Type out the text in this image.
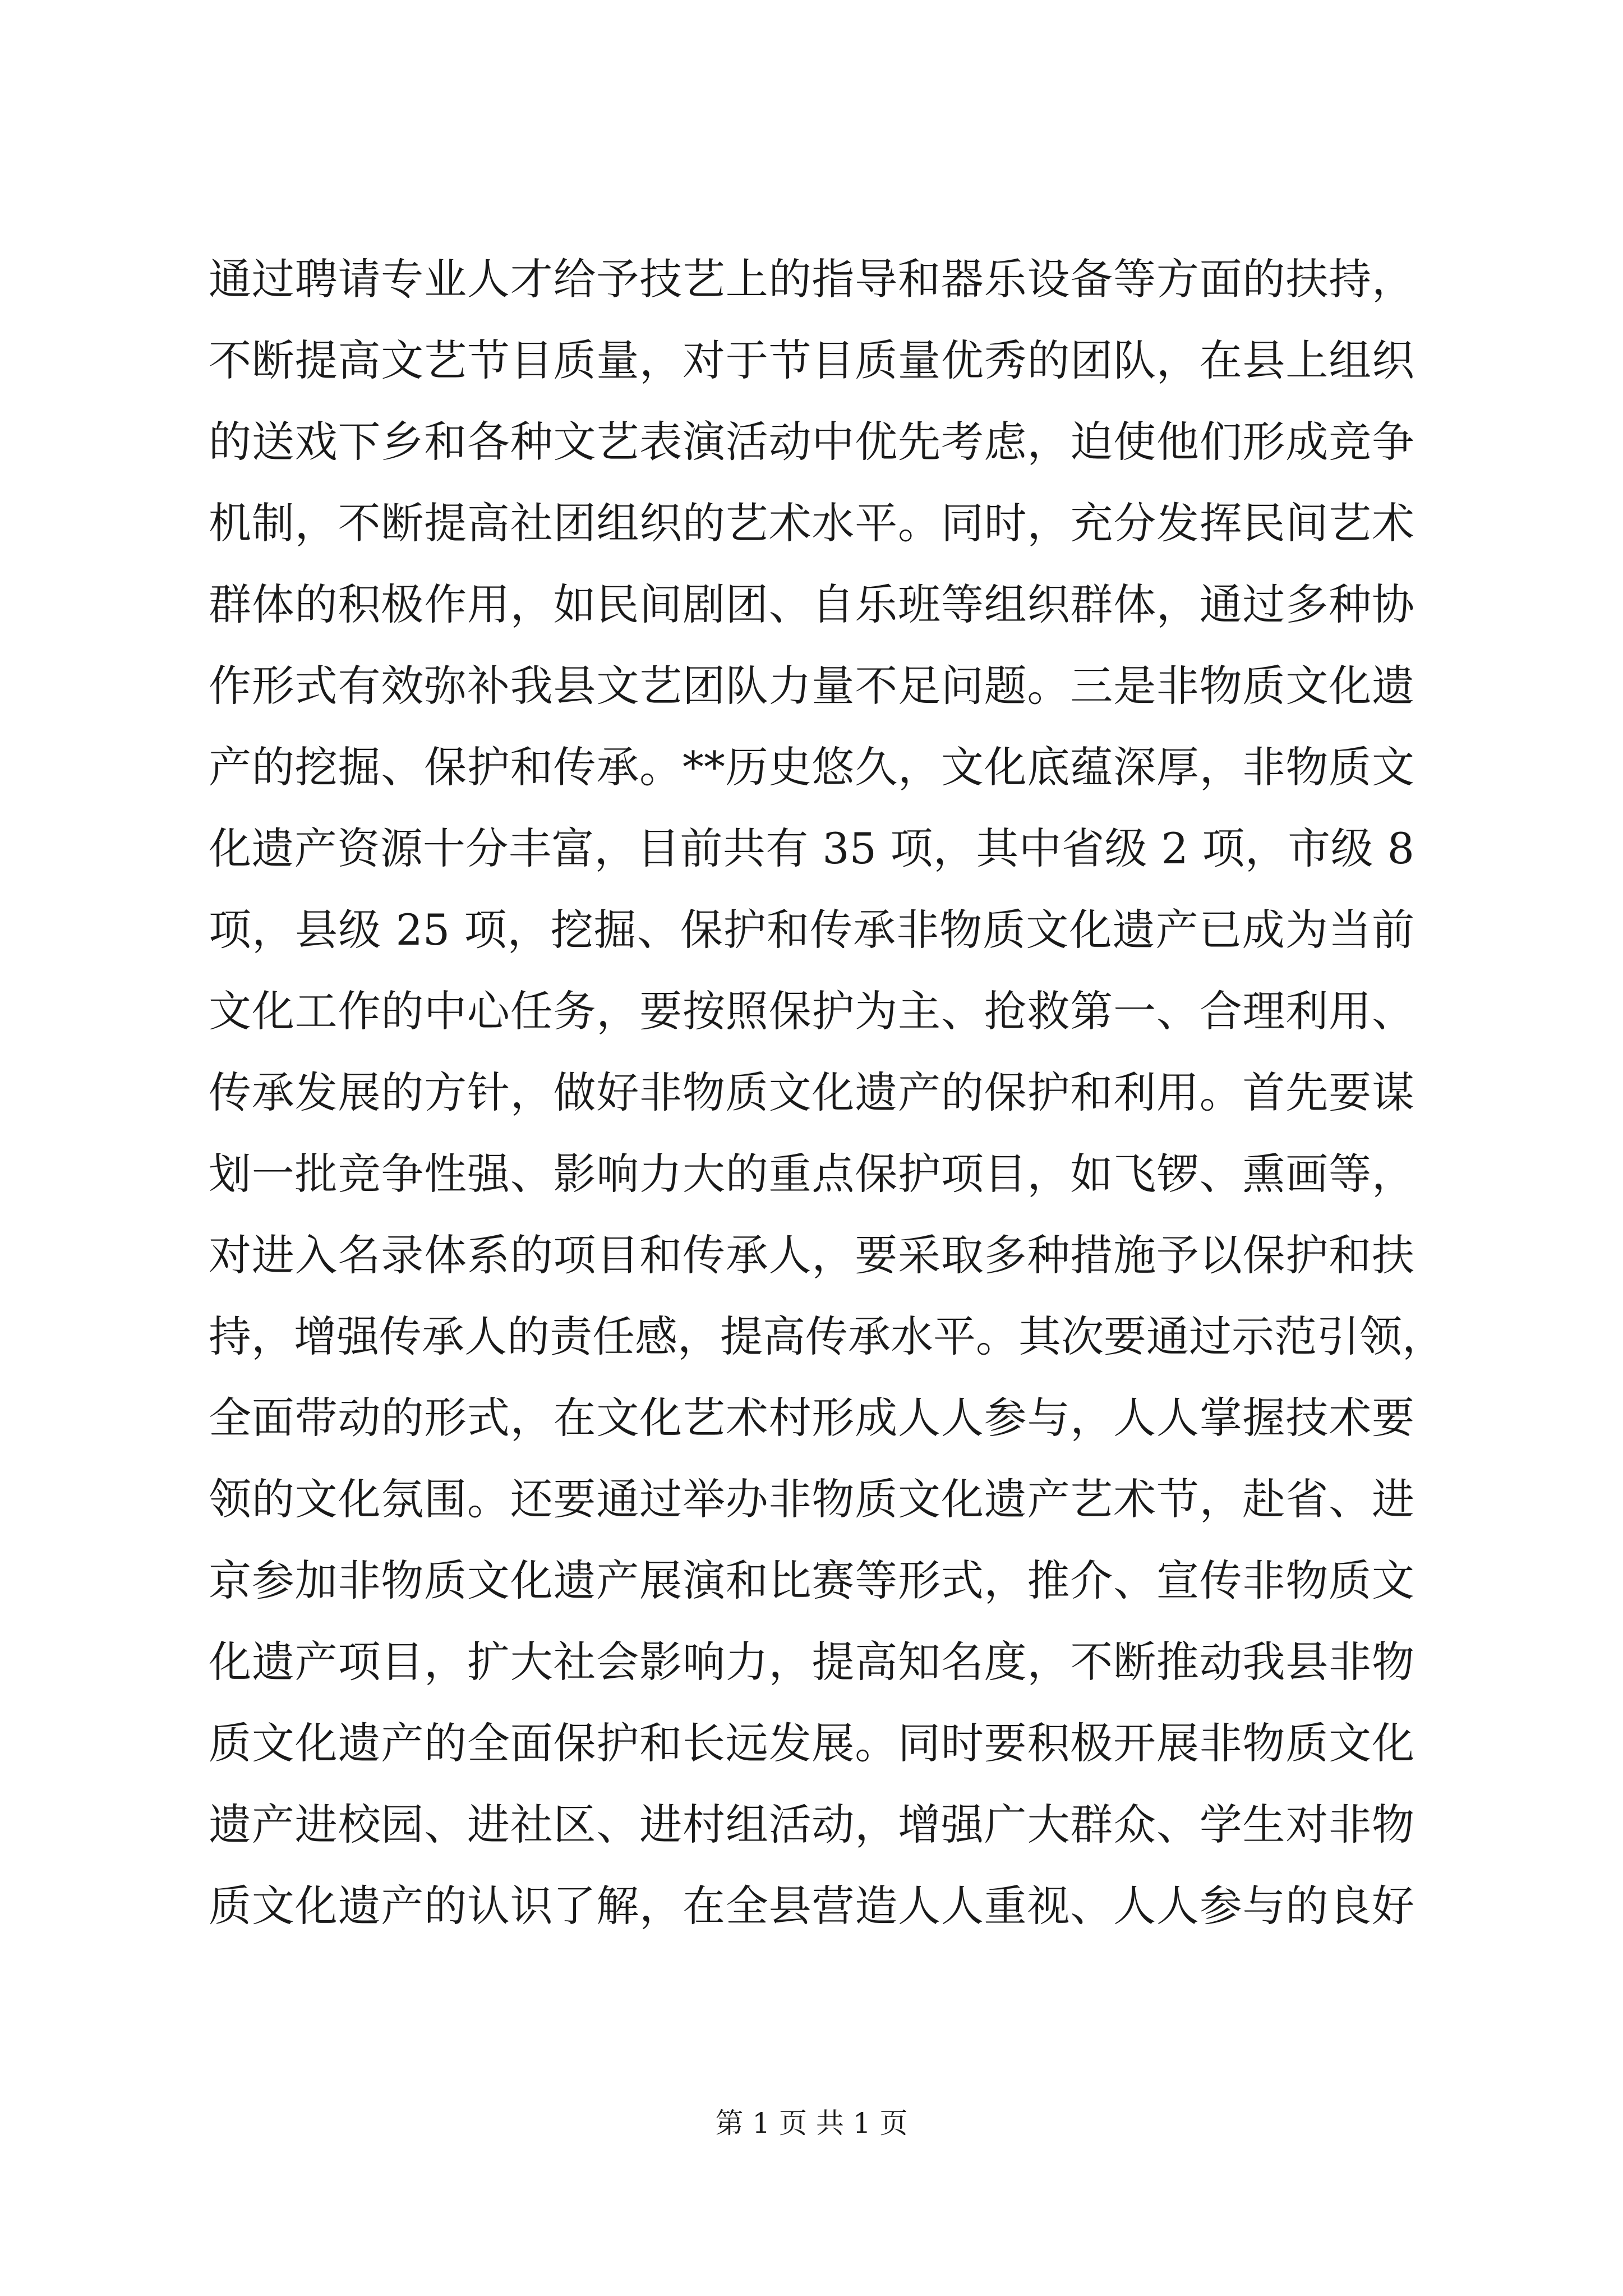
通过聘请专业人才给予技艺上的指导和器乐设备等方面的扶持，
不断提高文艺节目质量，对于节目质量优秀的团队，在县上组织
的送戏下乡和各种文艺表演活动中优先考虑，迫使他们形成竞争
机制，不断提高社团组织的艺术水平。同时，充分发挥民间艺术
群体的积极作用，如民间剧团、自乐班等组织群体，通过多种协
作形式有效弥补我县文艺团队力量不足问题。三是非物质文化遗
产的挖掘、保护和传承。**历史悠久，文化底蕴深厚，非物质文
化遗产资源十分丰富，目前共有 35 项，其中省级 2 项，市级 8
项，县级 25 项，挖掘、保护和传承非物质文化遗产已成为当前
文化工作的中心任务，要按照保护为主、抢救第一、合理利用、
传承发展的方针，做好非物质文化遗产的保护和利用。首先要谋
划一批竞争性强、影响力大的重点保护项目，如飞锣、熏画等，
对进入名录体系的项目和传承人，要采取多种措施予以保护和扶
持，增强传承人的责任感，提高传承水平。其次要通过示范引领，
全面带动的形式，在文化艺术村形成人人参与，人人掌握技术要
领的文化氛围。还要通过举办非物质文化遗产艺术节，赴省、进
京参加非物质文化遗产展演和比赛等形式，推介、宣传非物质文
化遗产项目，扩大社会影响力，提高知名度，不断推动我县非物
质文化遗产的全面保护和长远发展。同时要积极开展非物质文化
遗产进校园、进社区、进村组活动，增强广大群众、学生对非物
质文化遗产的认识了解，在全县营造人人重视、人人参与的良好
第 1 页 共 1 页
